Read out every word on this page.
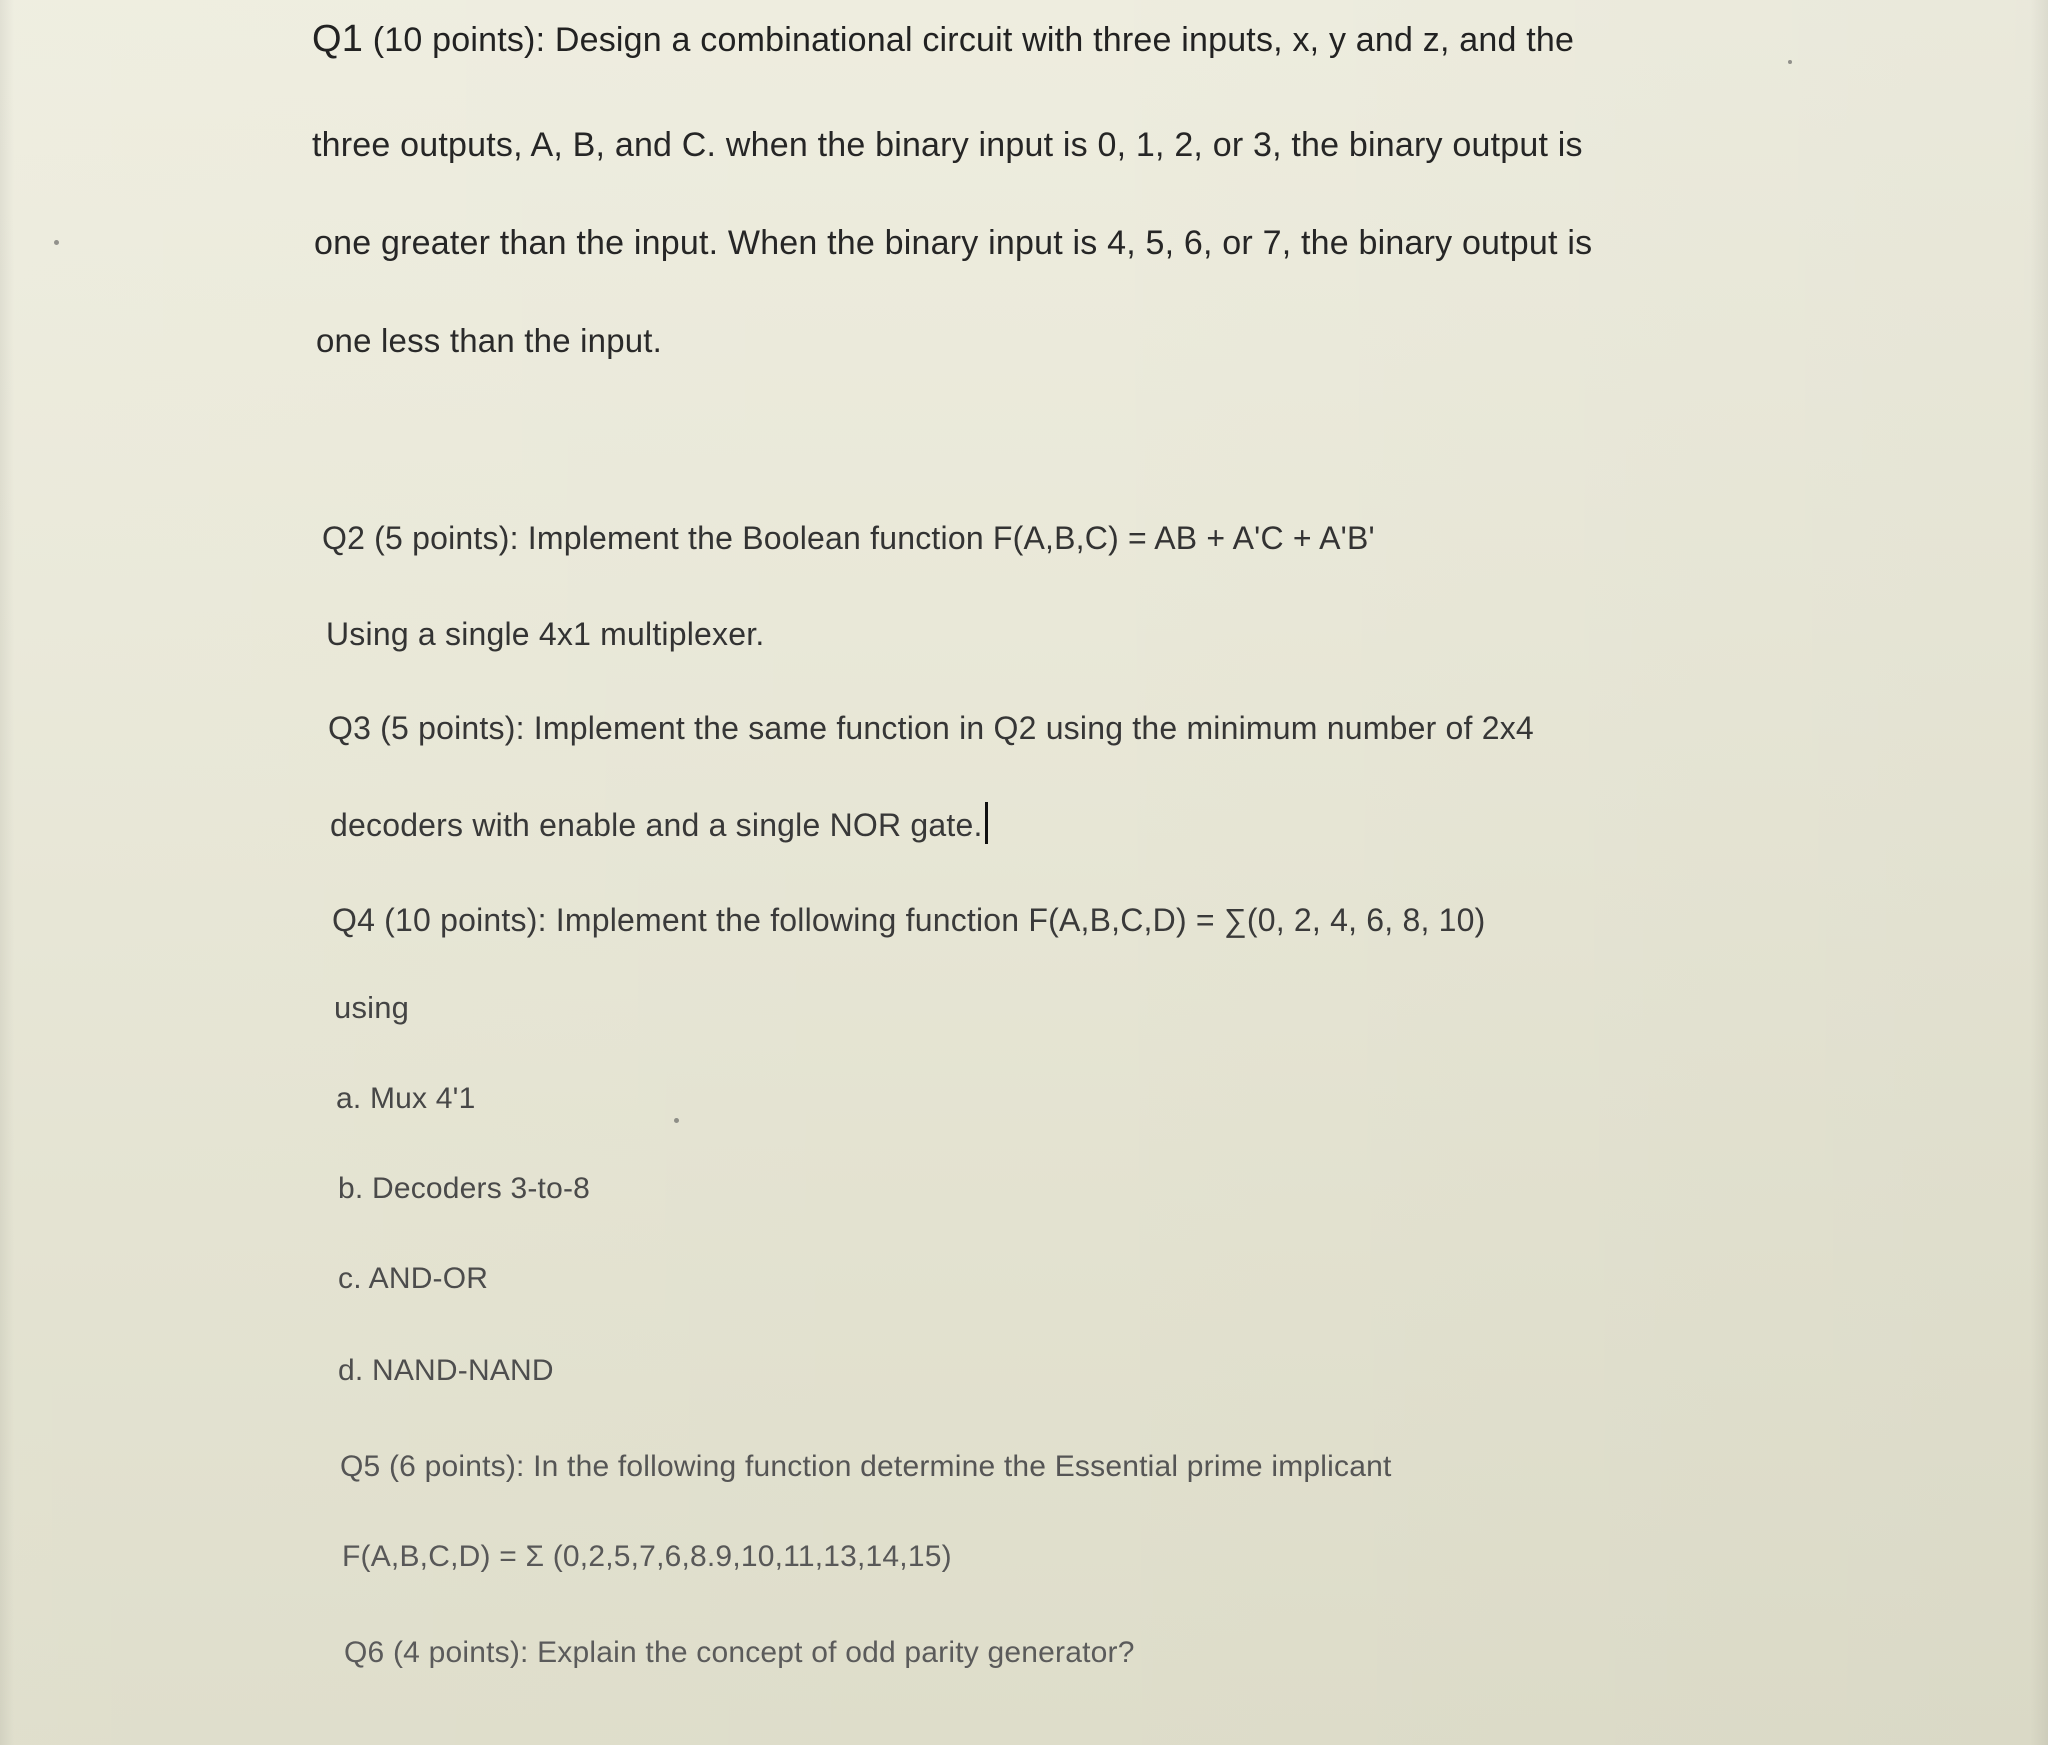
Q1 (10 points): Design a combinational circuit with three inputs, x, y and z, and the
three outputs, A, B, and C. when the binary input is 0, 1, 2, or 3, the binary output is
one greater than the input. When the binary input is 4, 5, 6, or 7, the binary output is
one less than the input.
Q2 (5 points): Implement the Boolean function F(A,B,C) = AB + A'C + A'B'
Using a single 4x1 multiplexer.
Q3 (5 points): Implement the same function in Q2 using the minimum number of 2x4
decoders with enable and a single NOR gate.
Q4 (10 points): Implement the following function F(A,B,C,D) = ∑(0, 2, 4, 6, 8, 10)
using
a. Mux 4'1
b. Decoders 3-to-8
c. AND-OR
d. NAND-NAND
Q5 (6 points): In the following function determine the Essential prime implicant
F(A,B,C,D) = Σ (0,2,5,7,6,8.9,10,11,13,14,15)
Q6 (4 points): Explain the concept of odd parity generator?
